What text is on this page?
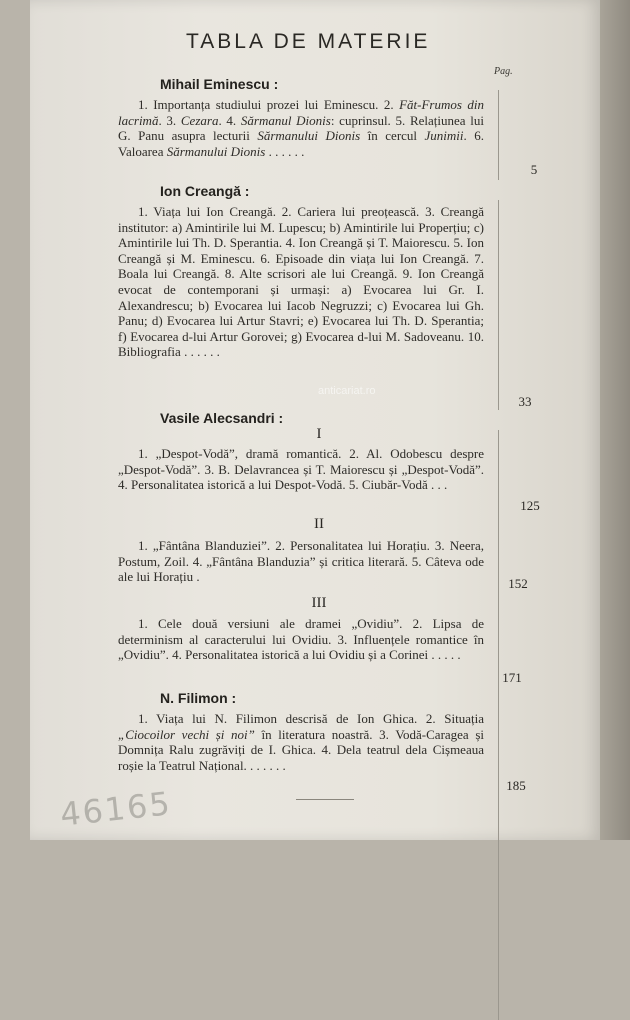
TABLA DE MATERIE
Pag.
Mihail Eminescu :

1. Importanța studiului prozei lui Eminescu. 2. Făt-Frumos din lacrimă. 3. Cezara. 4. Sărmanul Dionis: cuprinsul. 5. Relațiunea lui G. Panu asupra lecturii Sărmanului Dionis în cercul Junimii. 6. Valoarea Sărmanului Dionis . . . . . .

5
Ion Creangă :

1. Viața lui Ion Creangă. 2. Cariera lui preoțească. 3. Creangă institutor: a) Amintirile lui M. Lupescu; b) Amintirile lui Properțiu; c) Amintirile lui Th. D. Sperantia. 4. Ion Creangă și T. Maiorescu. 5. Ion Creangă și M. Eminescu. 6. Episoade din viața lui Ion Creangă. 7. Boala lui Creangă. 8. Alte scrisori ale lui Creangă. 9. Ion Creangă evocat de contemporani și urmași: a) Evocarea lui Gr. I. Alexandrescu; b) Evocarea lui Iacob Negruzzi; c) Evocarea lui Gh. Panu; d) Evocarea lui Artur Stavri; e) Evocarea lui Th. D. Sperantia; f) Evocarea d-lui Artur Gorovei; g) Evocarea d-lui M. Sadoveanu. 10. Bibliografia . . . . . .

33
anticariat.ro
Vasile Alecsandri :
I

1. „Despot-Vodă”, dramă romantică. 2. Al. Odobescu despre „Despot-Vodă”. 3. B. Delavrancea și T. Maiorescu și „Despot-Vodă”. 4. Personalitatea istorică a lui Despot-Vodă. 5. Ciubăr-Vodă . . .

125
II

1. „Fântâna Blanduziei”. 2. Personalitatea lui Horațiu. 3. Neera, Postum, Zoil. 4. „Fântâna Blanduzia” și critica literară. 5. Câteva ode ale lui Horațiu .	152
III

1. Cele două versiuni ale dramei „Ovidiu”. 2. Lipsa de determinism al caracterului lui Ovidiu. 3. Influențele romantice în „Ovidiu”. 4. Personalitatea istorică a lui Ovidiu și a Corinei . . . . .

171
N. Filimon :

1. Viața lui N. Filimon descrisă de Ion Ghica. 2. Situația „Ciocoilor vechi și noi” în literatura noastră. 3. Vodă-Caragea și Domnița Ralu zugrăviți de I. Ghica. 4. Dela teatrul dela Cișmeaua roșie la Teatrul Național. . . . . . .

185
46165
